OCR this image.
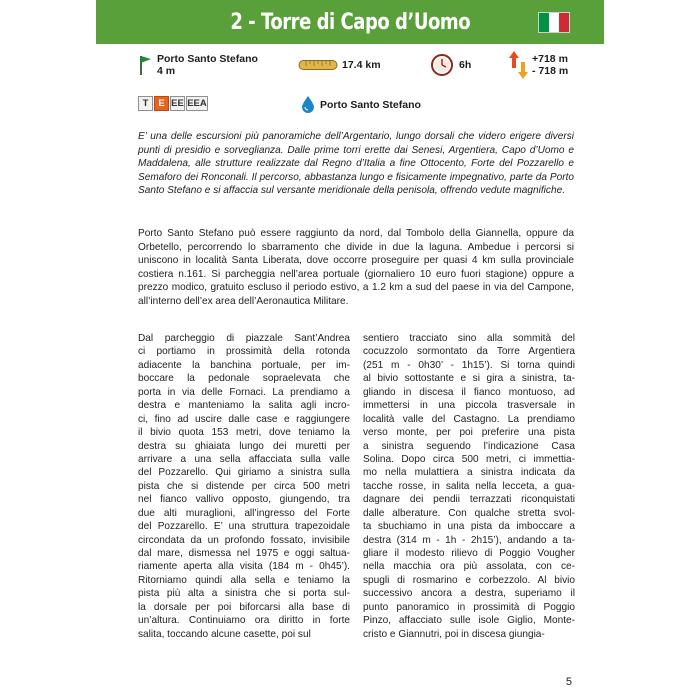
2 - Torre di Capo d’Uomo
Porto Santo Stefano
4 m	17.4 km	6h	+718 m
- 718 m
T	E EE EEA	Porto Santo Stefano

E’ una delle escursioni più panoramiche dell’Argentario, lungo dorsali che videro erigere diversi punti di presidio e sorveglianza. Dalle prime torri erette dai Senesi, Argentiera, Capo d’Uomo e Maddalena, alle strutture realizzate dal Regno d’Italia a fine Ottocento, Forte del Pozzarello e Semaforo dei Ronconali. Il percorso, abbastanza lungo e fisicamente impegnativo, parte da Porto Santo Stefano e si affaccia sul versante meridionale della penisola, offrendo vedute magnifiche.

Porto Santo Stefano può essere raggiunto da nord, dal Tombolo della Giannella, oppure da Orbetello, percorrendo lo sbarramento che divide in due la laguna. Ambedue i percorsi si uniscono in località Santa Liberata, dove occorre proseguire per quasi 4 km sulla provinciale costiera n.161. Si parcheggia nell’area portuale (giornaliero 10 euro fuori stagione) oppure a prezzo modico, gratuito escluso il periodo estivo, a 1.2 km a sud del paese in via del Campone, all’interno dell’ex area dell’Aeronautica Militare.

Dal parcheggio di piazzale Sant’Andrea
ci portiamo in prossimità della rotonda
adiacente la banchina portuale, per im-
boccare la pedonale sopraelevata che
porta in via delle Fornaci. La prendiamo a
destra e manteniamo la salita agli incro-
ci, fino ad uscire dalle case e raggiungere
il bivio quota 153 metri, dove teniamo la
destra su ghiaiata lungo dei muretti per
arrivare a una sella affacciata sulla valle
del Pozzarello. Qui giriamo a sinistra sulla
pista che si distende per circa 500 metri
nel fianco vallivo opposto, giungendo, tra
due alti muraglioni, all’ingresso del Forte
del Pozzarello. E’ una struttura trapezoidale
circondata da un profondo fossato, invisibile
dal mare, dismessa nel 1975 e oggi saltua-
riamente aperta alla visita (184 m - 0h45’).
Ritorniamo quindi alla sella e teniamo la
pista più alta a sinistra che si porta sul-
la dorsale per poi biforcarsi alla base di
un’altura. Continuiamo ora diritto in forte
salita, toccando alcune casette, poi sul
sentiero tracciato sino alla sommità del
cocuzzolo sormontato da Torre Argentiera
(251 m - 0h30’ - 1h15’). Si torna quindi
al bivio sottostante e si gira a sinistra, ta-
gliando in discesa il fianco montuoso, ad
immettersi in una piccola trasversale in
località valle del Castagno. La prendiamo
verso monte, per poi preferire una pista
a sinistra seguendo l’indicazione Casa
Solina. Dopo circa 500 metri, ci immettia-
mo nella mulattiera a sinistra indicata da
tacche rosse, in salita nella lecceta, a gua-
dagnare dei pendii terrazzati riconquistati
dalle alberature. Con qualche stretta svol-
ta sbuchiamo in una pista da imboccare a
destra (314 m - 1h - 2h15’), andando a ta-
gliare il modesto rilievo di Poggio Vougher
nella macchia ora più assolata, con ce-
spugli di rosmarino e corbezzolo. Al bivio
successivo ancora a destra, superiamo il
punto panoramico in prossimità di Poggio
Pinzo, affacciato sulle isole Giglio, Monte-
cristo e Giannutri, poi in discesa giungia-
5
